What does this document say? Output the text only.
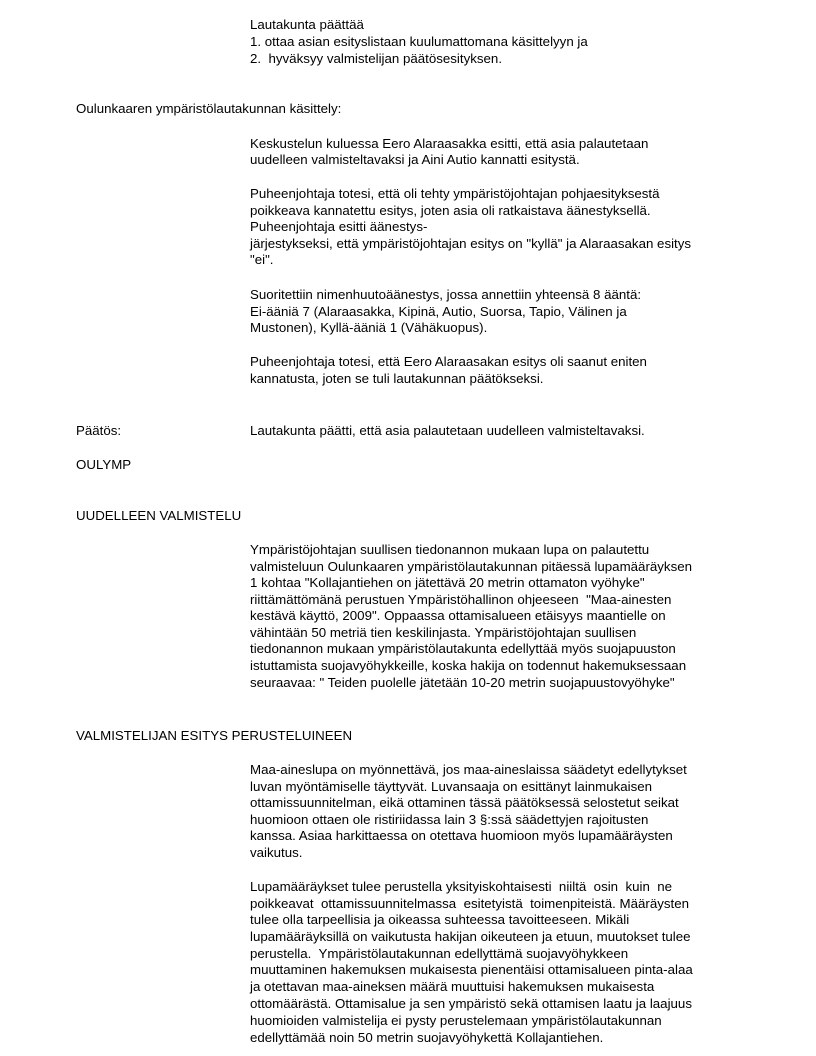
Lautakunta päättää
1. ottaa asian esityslistaan kuulumattomana käsittelyyn ja
2.  hyväksyy valmistelijan päätösesityksen.
Oulunkaaren ympäristölautakunnan käsittely:
Keskustelun kuluessa Eero Alaraasakka esitti, että asia palautetaan
uudelleen valmisteltavaksi ja Aini Autio kannatti esitystä.
Puheenjohtaja totesi, että oli tehty ympäristöjohtajan pohjaesityksestä
poikkeava kannatettu esitys, joten asia oli ratkaistava äänestyksellä.
Puheenjohtaja esitti äänestys-
järjestykseksi, että ympäristöjohtajan esitys on "kyllä" ja Alaraasakan esitys
"ei".
Suoritettiin nimenhuutoäänestys, jossa annettiin yhteensä 8 ääntä:
Ei-ääniä 7 (Alaraasakka, Kipinä, Autio, Suorsa, Tapio, Välinen ja
Mustonen), Kyllä-ääniä 1 (Vähäkuopus).
Puheenjohtaja totesi, että Eero Alaraasakan esitys oli saanut eniten
kannatusta, joten se tuli lautakunnan päätökseksi.
Päätös:	Lautakunta päätti, että asia palautetaan uudelleen valmisteltavaksi.
OULYMP
UUDELLEEN VALMISTELU
Ympäristöjohtajan suullisen tiedonannon mukaan lupa on palautettu
valmisteluun Oulunkaaren ympäristölautakunnan pitäessä lupamääräyksen
1 kohtaa "Kollajantiehen on jätettävä 20 metrin ottamaton vyöhyke"
riittämättömänä perustuen Ympäristöhallinon ohjeeseen  "Maa-ainesten
kestävä käyttö, 2009". Oppaassa ottamisalueen etäisyys maantielle on
vähintään 50 metriä tien keskilinjasta. Ympäristöjohtajan suullisen
tiedonannon mukaan ympäristölautakunta edellyttää myös suojapuuston
istuttamista suojavyöhykkeille, koska hakija on todennut hakemuksessaan
seuraavaa: " Teiden puolelle jätetään 10-20 metrin suojapuustovyöhyke"
VALMISTELIJAN ESITYS PERUSTELUINEEN
Maa-aineslupa on myönnettävä, jos maa-aineslaissa säädetyt edellytykset
luvan myöntämiselle täyttyvät. Luvansaaja on esittänyt lainmukaisen
ottamissuunnitelman, eikä ottaminen tässä päätöksessä selostetut seikat
huomioon ottaen ole ristiriidassa lain 3 §:ssä säädettyjen rajoitusten
kanssa. Asiaa harkittaessa on otettava huomioon myös lupamääräysten
vaikutus.
Lupamääräykset tulee perustella yksityiskohtaisesti  niiltä  osin  kuin  ne
poikkeavat  ottamissuunnitelmassa  esitetyistä  toimenpiteistä. Määräysten
tulee olla tarpeellisia ja oikeassa suhteessa tavoitteeseen. Mikäli
lupamääräyksillä on vaikutusta hakijan oikeuteen ja etuun, muutokset tulee
perustella.  Ympäristölautakunnan edellyttämä suojavyöhykkeen
muuttaminen hakemuksen mukaisesta pienentäisi ottamisalueen pinta-alaa
ja otettavan maa-aineksen määrä muuttuisi hakemuksen mukaisesta
ottomäärästä. Ottamisalue ja sen ympäristö sekä ottamisen laatu ja laajuus
huomioiden valmistelija ei pysty perustelemaan ympäristölautakunnan
edellyttämää noin 50 metrin suojavyöhykettä Kollajantiehen.
